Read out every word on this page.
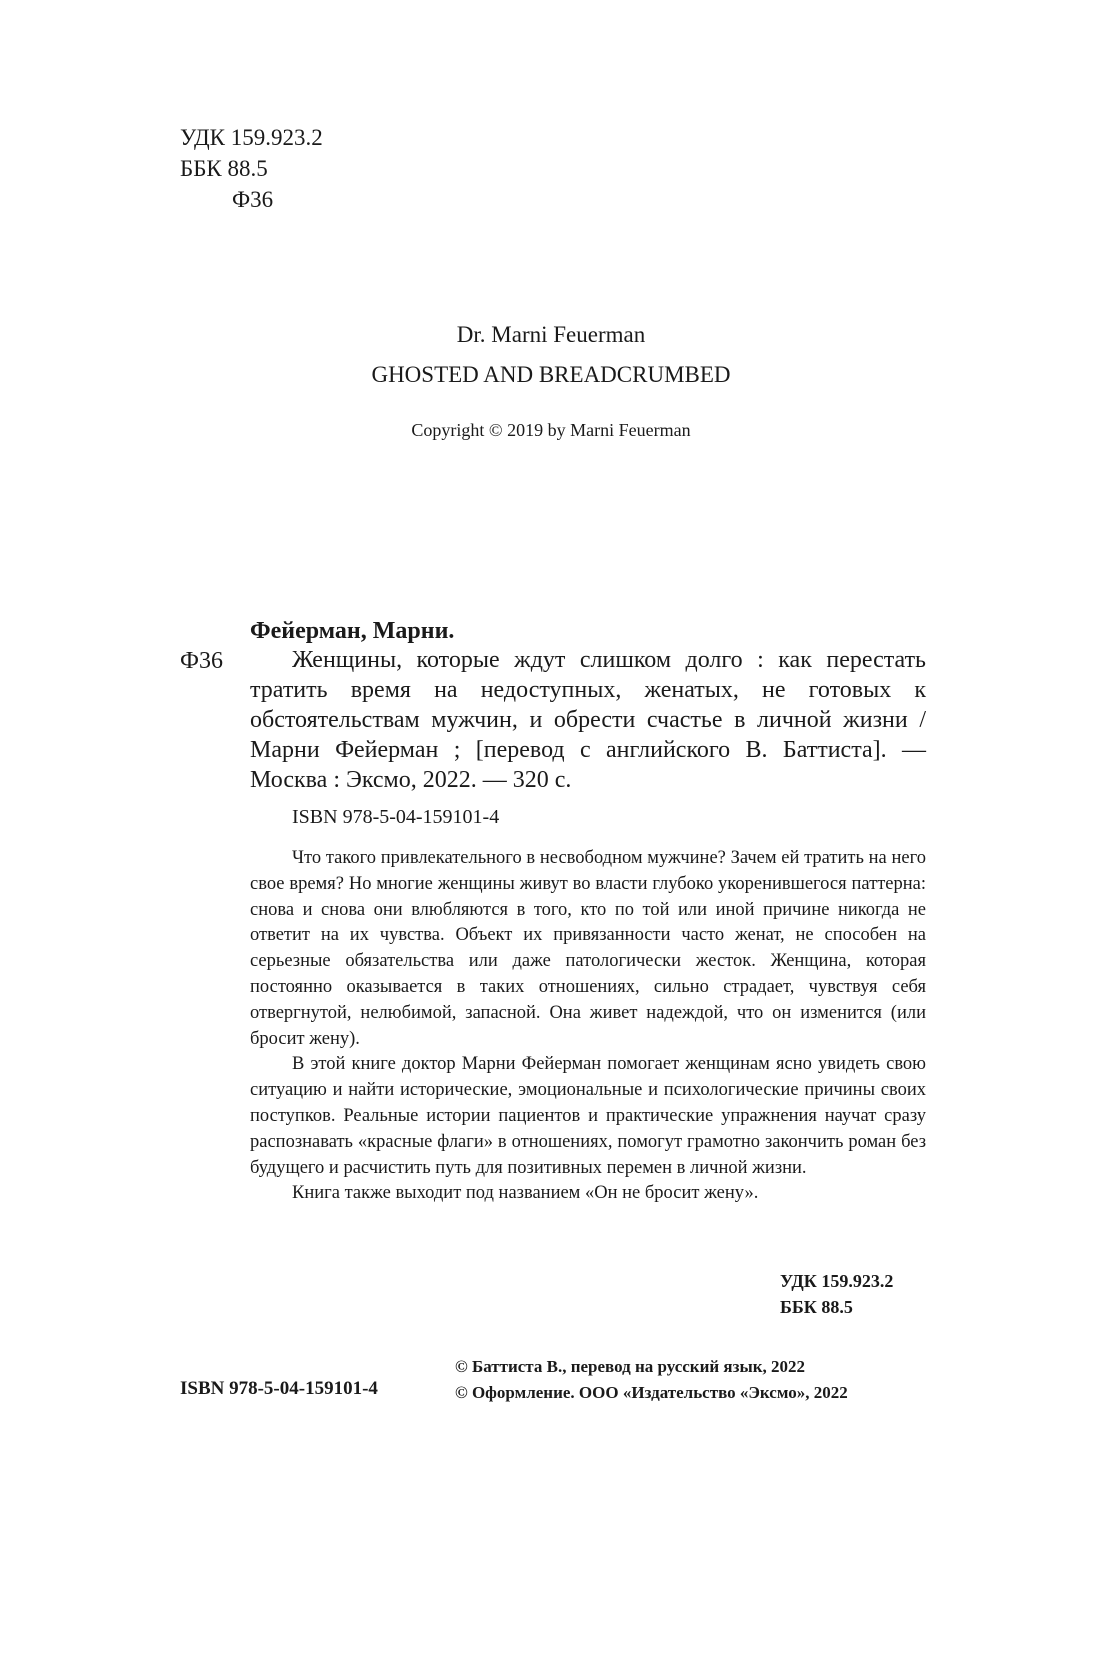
УДК 159.923.2
ББК 88.5
Ф36
Dr. Marni Feuerman
GHOSTED AND BREADCRUMBED
Copyright © 2019 by Marni Feuerman
Фейерман, Марни.
Ф36	Женщины, которые ждут слишком долго : как перестать тратить время на недоступных, женатых, не готовых к обстоятельствам мужчин, и обрести счастье в личной жизни / Марни Фейерман ; [перевод с английского В. Баттиста]. — Москва : Эксмо, 2022. — 320 с.
ISBN 978-5-04-159101-4

Что такого привлекательного в несвободном мужчине? Зачем ей тратить на него свое время? Но многие женщины живут во власти глубоко укоренившегося паттерна: снова и снова они влюбляются в того, кто по той или иной причине никогда не ответит на их чувства. Объект их привязанности часто женат, не способен на серьезные обязательства или даже патологически жесток. Женщина, которая постоянно оказывается в таких отношениях, сильно страдает, чувствуя себя отвергнутой, нелюбимой, запасной. Она живет надеждой, что он изменится (или бросит жену).

В этой книге доктор Марни Фейерман помогает женщинам ясно увидеть свою ситуацию и найти исторические, эмоциональные и психологические причины своих поступков. Реальные истории пациентов и практические упражнения научат сразу распознавать «красные флаги» в отношениях, помогут грамотно закончить роман без будущего и расчистить путь для позитивных перемен в личной жизни.

Книга также выходит под названием «Он не бросит жену».

УДК 159.923.2
ББК 88.5
© Баттиста В., перевод на русский язык, 2022
© Оформление. ООО «Издательство «Эксмо», 2022
ISBN 978-5-04-159101-4
